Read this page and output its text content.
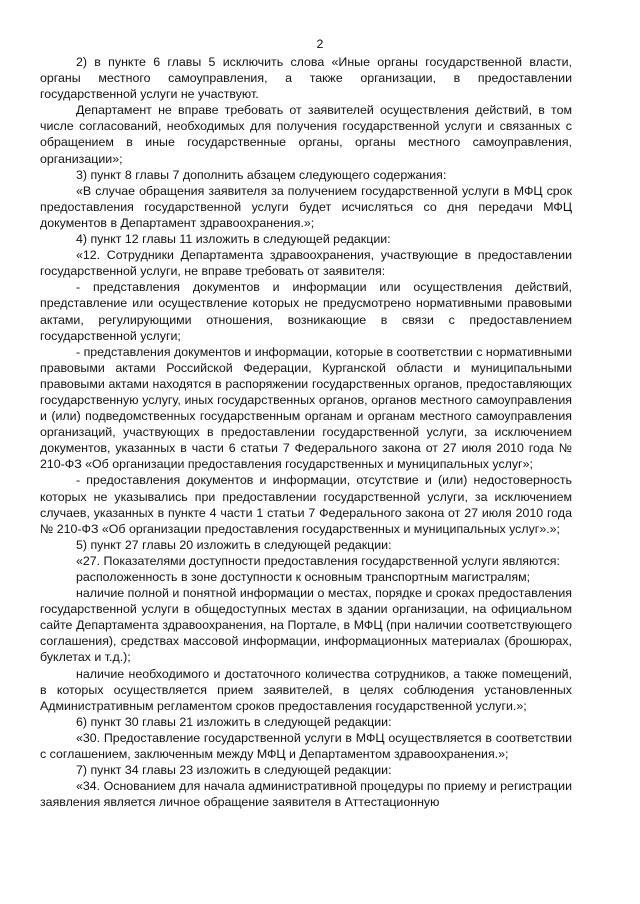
2

2) в пункте 6 главы 5 исключить слова «Иные органы государственной власти, органы местного самоуправления, а также организации, в предоставлении государственной услуги не участвуют.

Департамент не вправе требовать от заявителей осуществления действий, в том числе согласований, необходимых для получения государственной услуги и связанных с обращением в иные государственные органы, органы местного самоуправления, организации»;

3) пункт 8 главы 7 дополнить абзацем следующего содержания:

«В случае обращения заявителя за получением государственной услуги в МФЦ срок предоставления государственной услуги будет исчисляться со дня передачи МФЦ документов в Департамент здравоохранения.»;

4) пункт 12 главы 11 изложить в следующей редакции:

«12. Сотрудники Департамента здравоохранения, участвующие в предоставлении государственной услуги, не вправе требовать от заявителя:

- представления документов и информации или осуществления действий, представление или осуществление которых не предусмотрено нормативными правовыми актами, регулирующими отношения, возникающие в связи с предоставлением государственной услуги;

- представления документов и информации, которые в соответствии с нормативными правовыми актами Российской Федерации, Курганской области и муниципальными правовыми актами находятся в распоряжении государственных органов, предоставляющих государственную услугу, иных государственных органов, органов местного самоуправления и (или) подведомственных государственным органам и органам местного самоуправления организаций, участвующих в предоставлении государственной услуги, за исключением документов, указанных в части 6 статьи 7 Федерального закона от 27 июля 2010 года № 210-ФЗ «Об организации предоставления государственных и муниципальных услуг»;

- предоставления документов и информации, отсутствие и (или) недостоверность которых не указывались при предоставлении государственной услуги, за исключением случаев, указанных в пункте 4 части 1 статьи 7 Федерального закона от 27 июля 2010 года № 210-ФЗ «Об организации предоставления государственных и муниципальных услуг».»;

5) пункт 27 главы 20 изложить в следующей редакции:

«27. Показателями доступности предоставления государственной услуги являются:

расположенность в зоне доступности к основным транспортным магистралям;

наличие полной и понятной информации о местах, порядке и сроках предоставления государственной услуги в общедоступных местах в здании организации, на официальном сайте Департамента здравоохранения, на Портале, в МФЦ (при наличии соответствующего соглашения), средствах массовой информации, информационных материалах (брошюрах, буклетах и т.д.);

наличие необходимого и достаточного количества сотрудников, а также помещений, в которых осуществляется прием заявителей, в целях соблюдения установленных Административным регламентом сроков предоставления государственной услуги.»;

6) пункт 30 главы 21 изложить в следующей редакции:

«30. Предоставление государственной услуги в МФЦ осуществляется в соответствии с соглашением, заключенным между МФЦ и Департаментом здравоохранения.»;

7) пункт 34 главы 23 изложить в следующей редакции:

«34. Основанием для начала административной процедуры по приему и регистрации заявления является личное обращение заявителя в Аттестационную
